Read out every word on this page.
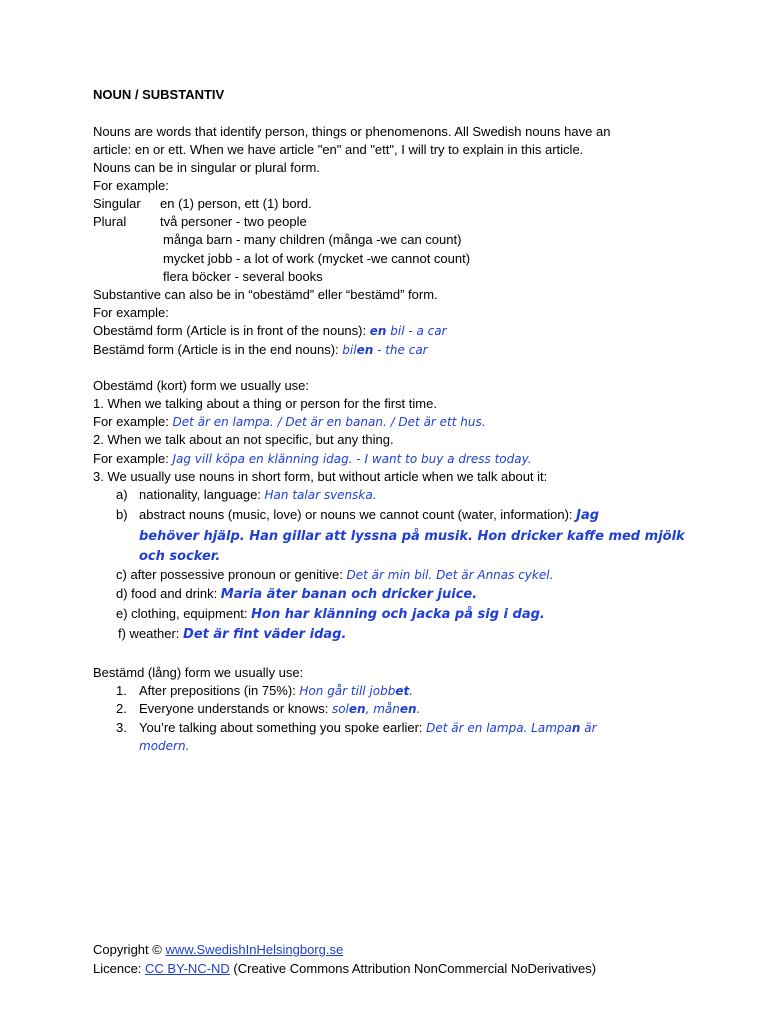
NOUN / SUBSTANTIV
Nouns are words that identify person, things or phenomenons. All Swedish nouns have an
article: en or ett. When we have article "en" and "ett", I will try to explain in this article.
Nouns can be in singular or plural form.
For example:
Singular en (1) person, ett (1) bord.
Plural	två personer - two people
många barn - many children (många -we can count)
mycket jobb - a lot of work (mycket -we cannot count)
flera böcker - several books
Substantive can also be in “obestämd” eller “bestämd” form.
For example:
Obestämd form (Article is in front of the nouns): en bil - a car
Bestämd form (Article is in the end nouns): bilen - the car
Obestämd (kort) form we usually use:
1. When we talking about a thing or person for the first time.
For example: Det är en lampa. / Det är en banan. / Det är ett hus.
2. When we talk about an not specific, but any thing.
For example: Jag vill köpa en klänning idag. - I want to buy a dress today.
3. We usually use nouns in short form, but without article when we talk about it:
a) nationality, language: Han talar svenska.
b) abstract nouns (music, love) or nouns we cannot count (water, information): Jag
behöver hjälp. Han gillar att lyssna på musik. Hon dricker kaffe med mjölk
och socker.
c) after possessive pronoun or genitive: Det är min bil. Det är Annas cykel.
d) food and drink: Maria äter banan och dricker juice.
e) clothing, equipment: Hon har klänning och jacka på sig i dag.
f) weather: Det är fint väder idag.
Bestämd (lång) form we usually use:
1. After prepositions (in 75%): Hon går till jobbet.
2. Everyone understands or knows: solen, månen.
3. You’re talking about something you spoke earlier: Det är en lampa. Lampan är
modern.
Copyright © www.SwedishInHelsingborg.se
Licence: CC BY-NC-ND (Creative Commons Attribution NonCommercial NoDerivatives)
